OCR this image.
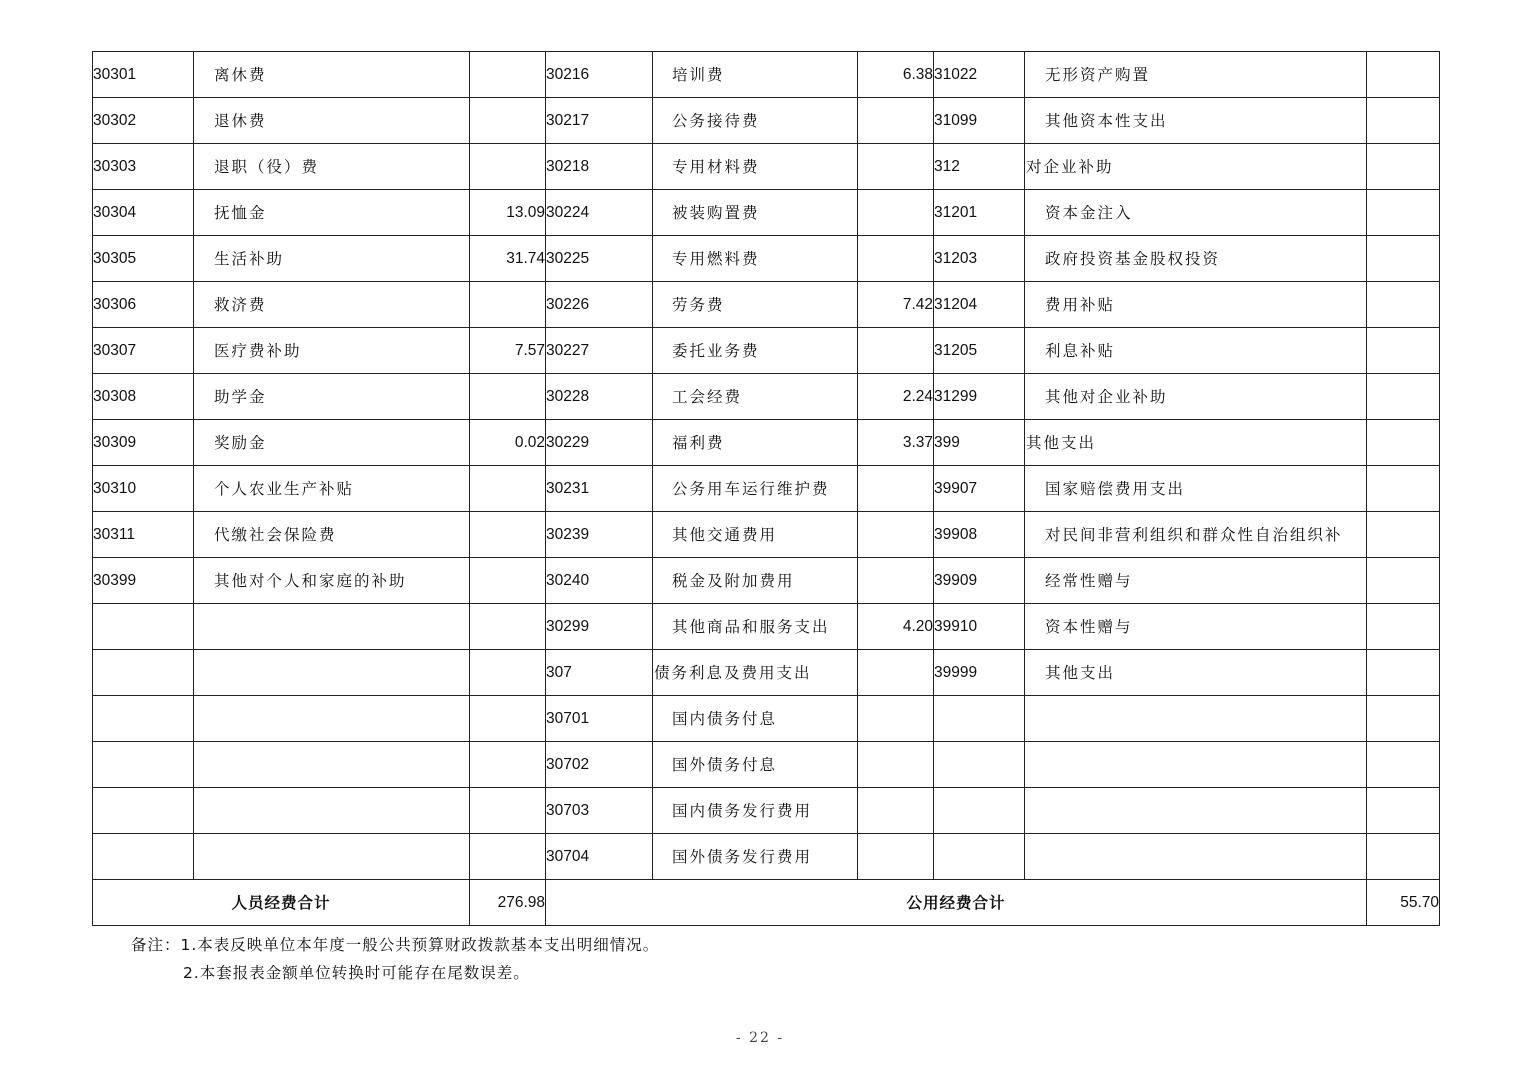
30301	离休费		30216	培训费	6.38	31022	无形资产购置	
30302	退休费		30217	公务接待费		31099	其他资本性支出	
30303	退职（役）费		30218	专用材料费		312	对企业补助	
30304	抚恤金	13.09	30224	被装购置费		31201	资本金注入	
30305	生活补助	31.74	30225	专用燃料费		31203	政府投资基金股权投资	
30306	救济费		30226	劳务费	7.42	31204	费用补贴	
30307	医疗费补助	7.57	30227	委托业务费		31205	利息补贴	
30308	助学金		30228	工会经费	2.24	31299	其他对企业补助	
30309	奖励金	0.02	30229	福利费	3.37	399	其他支出	
30310	个人农业生产补贴		30231	公务用车运行维护费		39907	国家赔偿费用支出	
30311	代缴社会保险费		30239	其他交通费用		39908	对民间非营利组织和群众性自治组织补	
30399	其他对个人和家庭的补助		30240	税金及附加费用		39909	经常性赠与	
			30299	其他商品和服务支出	4.20	39910	资本性赠与	
			307	债务利息及费用支出		39999	其他支出	
			30701	国内债务付息				
			30702	国外债务付息				
			30703	国内债务发行费用				
			30704	国外债务发行费用				
人员经费合计		276.98	公用经费合计					55.70
备注：1.本表反映单位本年度一般公共预算财政拨款基本支出明细情况。
2.本套报表金额单位转换时可能存在尾数误差。
- 22 -
